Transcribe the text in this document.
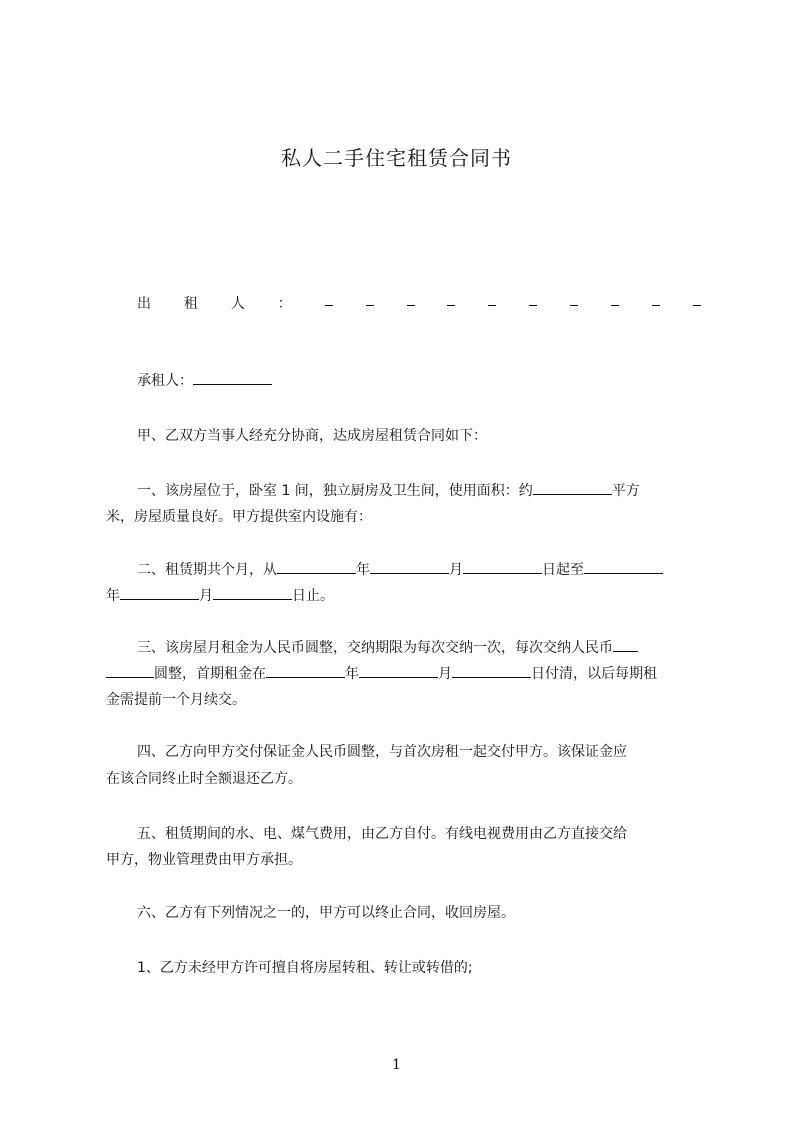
私人二手住宅租赁合同书
出 租 人 ：
承租人：
甲、乙双方当事人经充分协商，达成房屋租赁合同如下：
一、该房屋位于，卧室 1 间，独立厨房及卫生间，使用面积：约	平方
米，房屋质量良好。甲方提供室内设施有：
二、租赁期共个月，从	年	月	日起至
年	月	日止。
三、该房屋月租金为人民币圆整，交纳期限为每次交纳一次，每次交纳人民币
圆整，首期租金在	年	月	日付清，以后每期租
金需提前一个月续交。
四、乙方向甲方交付保证金人民币圆整，与首次房租一起交付甲方。该保证金应
在该合同终止时全额退还乙方。
五、租赁期间的水、电、煤气费用，由乙方自付。有线电视费用由乙方直接交给
甲方，物业管理费由甲方承担。
六、乙方有下列情况之一的，甲方可以终止合同，收回房屋。
1、乙方未经甲方许可擅自将房屋转租、转让或转借的;
1
